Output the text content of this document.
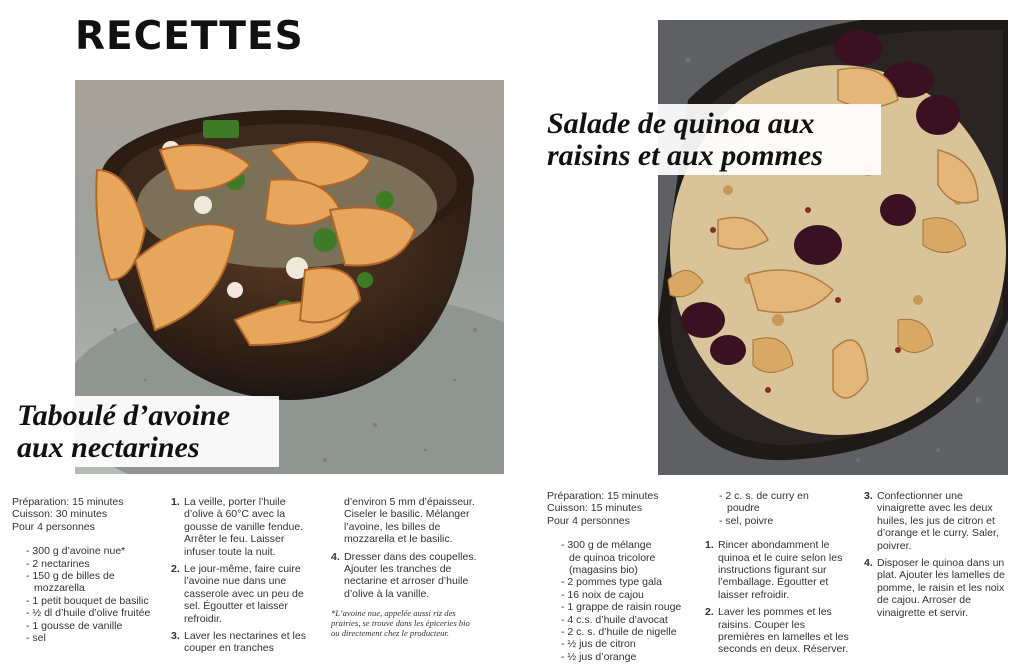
RECETTES
Taboulé d’avoine
aux nectarines
Salade de quinoa aux
raisins et aux pommes
Préparation: 15 minutes
Cuisson: 30 minutes
Pour 4 personnes
- 300 g d’avoine nue*
- 2 nectarines
- 150 g de billes de
mozzarella
- 1 petit bouquet de basilic
- ½ dl d’huile d’olive fruitée
- 1 gousse de vanille
- sel
1. La veille, porter l’huile d’olive à 60°C avec la gousse de vanille fendue. Arrêter le feu. Laisser infuser toute la nuit.
2. Le jour-même, faire cuire l’avoine nue dans une casserole avec un peu de sel. Égoutter et laisser refroidir.
3. Laver les nectarines et les couper en tranches
d’environ 5 mm d’épaisseur. Ciseler le basilic. Mélanger l’avoine, les billes de mozzarella et le basilic.
4. Dresser dans des coupelles. Ajouter les tranches de nectarine et arroser d’huile d’olive à la vanille.
*L’avoine nue, appelée aussi riz des prairies, se trouve dans les épiceries bio ou directement chez le producteur.
Préparation: 15 minutes
Cuisson: 15 minutes
Pour 4 personnes
- 300 g de mélange
de quinoa tricolore
(magasins bio)
- 2 pommes type gala
- 16 noix de cajou
- 1 grappe de raisin rouge
- 4 c.s. d’huile d’avocat
- 2 c. s. d’huile de nigelle
- ½ jus de citron
- ½ jus d’orange
- 2 c. s. de curry en
poudre
- sel, poivre
1. Rincer abondamment le quinoa et le cuire selon les instructions figurant sur l’emballage. Égoutter et laisser refroidir.
2. Laver les pommes et les raisins. Couper les premières en lamelles et les seconds en deux. Réserver.
3. Confectionner une vinaigrette avec les deux huiles, les jus de citron et d’orange et le curry. Saler, poivrer.
4. Disposer le quinoa dans un plat. Ajouter les lamelles de pomme, le raisin et les noix de cajou. Arroser de vinaigrette et servir.
